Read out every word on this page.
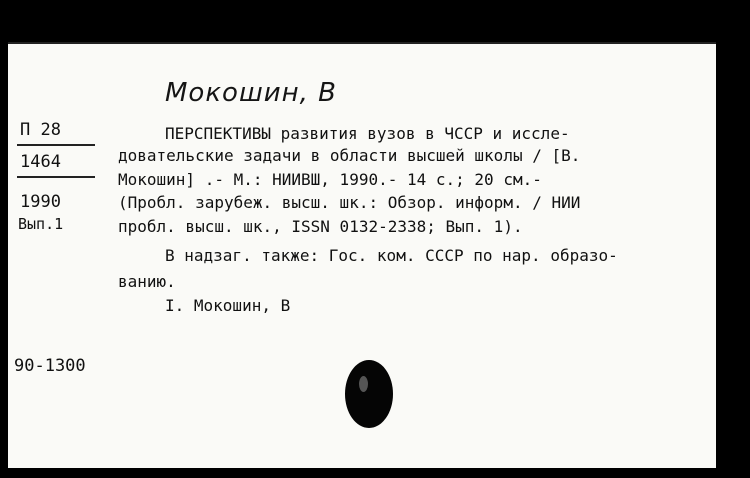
Мокошин, В
П 28
1464
1990
Вып.1
ПЕРСПЕКТИВЫ развития вузов в ЧССР и иссле-
довательские задачи в области высшей школы / [В.
Мокошин] .- М.: НИИВШ, 1990.- 14 с.; 20 см.-
(Пробл. зарубеж. высш. шк.: Обзор. информ. / НИИ
пробл. высш. шк., ISSN 0132-2338; Вып. 1).
В надзаг. также: Гос. ком. СССР по нар. образо-
ванию.
I. Мокошин, В
90-1300
